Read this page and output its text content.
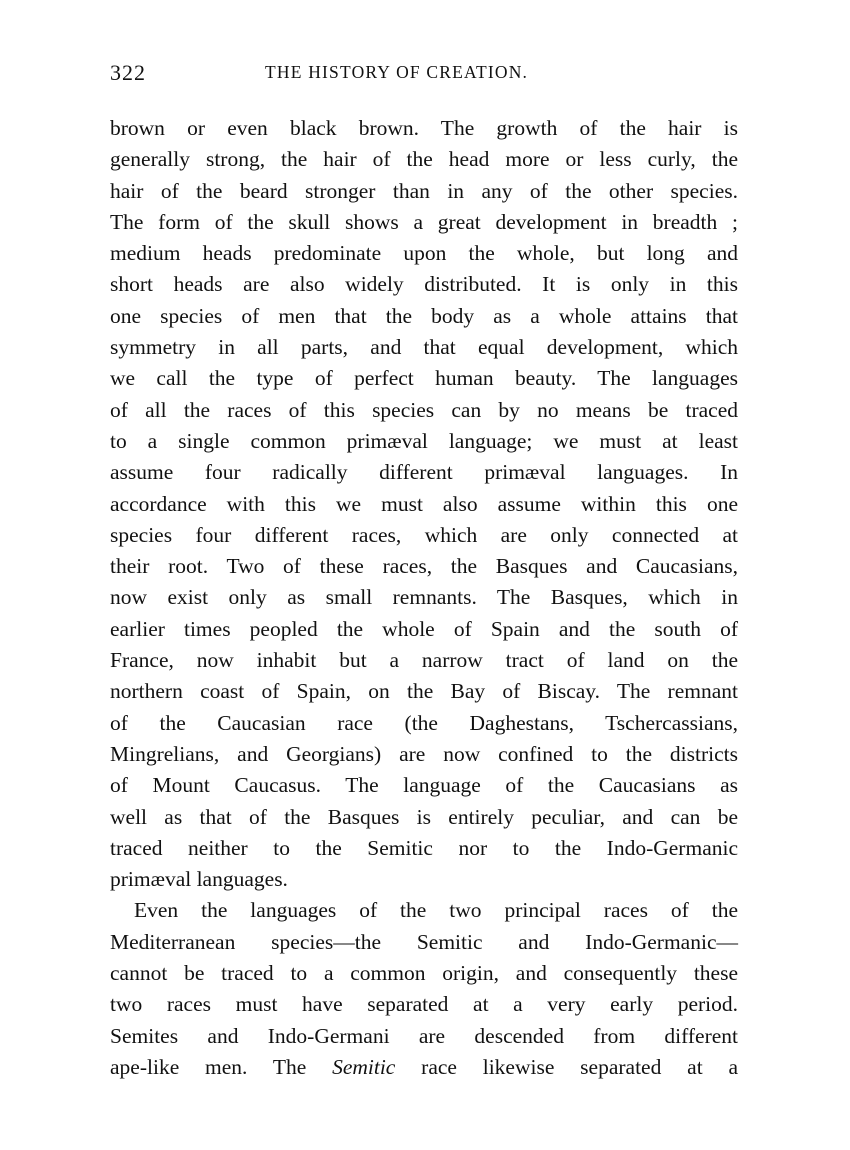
322	THE HISTORY OF CREATION.
brown or even black brown. The growth of the hair is
generally strong, the hair of the head more or less curly, the
hair of the beard stronger than in any of the other species.
The form of the skull shows a great development in breadth ;
medium heads predominate upon the whole, but long and
short heads are also widely distributed. It is only in this
one species of men that the body as a whole attains that
symmetry in all parts, and that equal development, which
we call the type of perfect human beauty. The languages
of all the races of this species can by no means be traced
to a single common primæval language; we must at least
assume four radically different primæval languages. In
accordance with this we must also assume within this one
species four different races, which are only connected at
their root. Two of these races, the Basques and Caucasians,
now exist only as small remnants. The Basques, which in
earlier times peopled the whole of Spain and the south of
France, now inhabit but a narrow tract of land on the
northern coast of Spain, on the Bay of Biscay. The remnant
of the Caucasian race (the Daghestans, Tschercassians,
Mingrelians, and Georgians) are now confined to the districts
of Mount Caucasus. The language of the Caucasians as
well as that of the Basques is entirely peculiar, and can be
traced neither to the Semitic nor to the Indo-Germanic
primæval languages.
Even the languages of the two principal races of the
Mediterranean species—the Semitic and Indo-Germanic—
cannot be traced to a common origin, and consequently these
two races must have separated at a very early period.
Semites and Indo-Germani are descended from different
ape-like men. The Semitic race likewise separated at a
